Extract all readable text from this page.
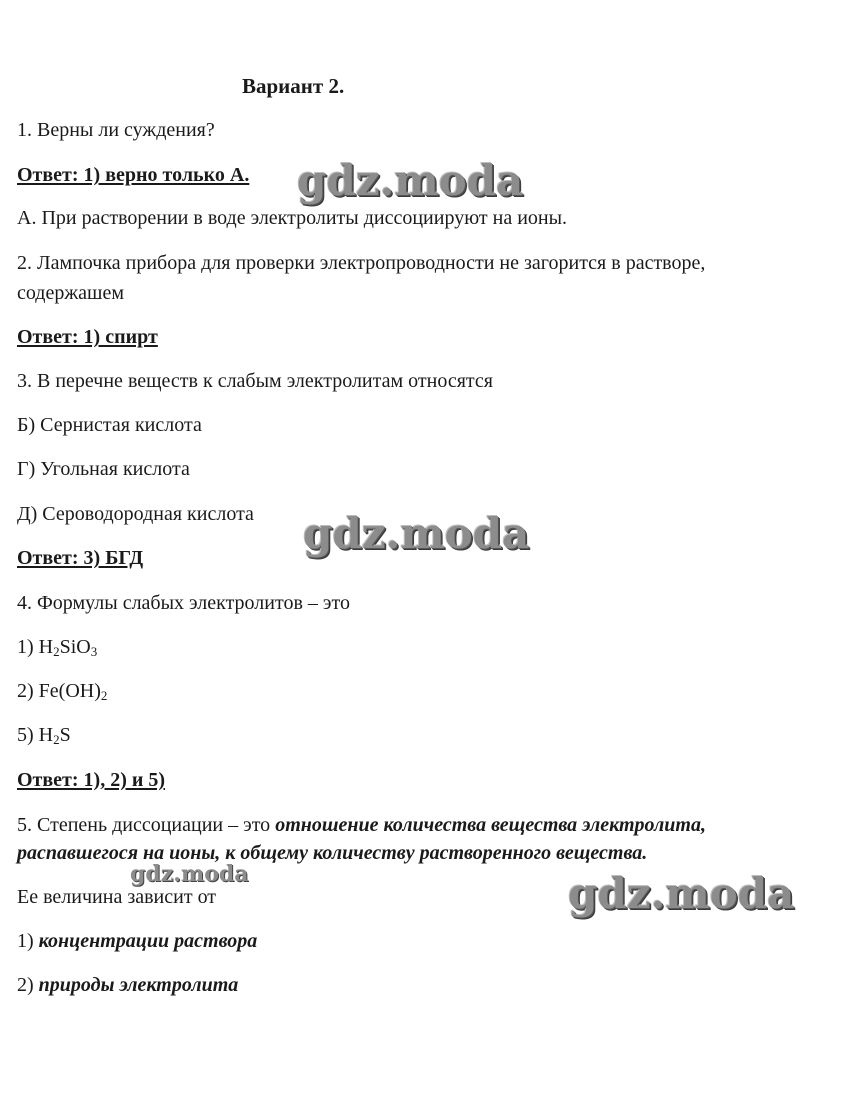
Вариант 2.
1. Верны ли суждения?
Ответ: 1) верно только А.
А. При растворении в воде электролиты диссоциируют на ионы.
2. Лампочка прибора для проверки электропроводности не загорится в растворе,
содержашем
Ответ: 1) спирт
3. В перечне веществ к слабым электролитам относятся
Б) Сернистая кислота
Г) Угольная кислота
Д) Сероводородная кислота
Ответ: 3) БГД
4. Формулы слабых электролитов – это
1) $H_2SiO_3$
2) $Fe(OH)_2$
5) $H_2S$
Ответ: 1), 2) и 5)
5. Степень диссоциации – это отношение количества вещества электролита,
распавшегося на ионы, к общему количеству растворенного вещества.
Ее величина зависит от
1) концентрации раствора
2) природы электролита
gdz.moda
gdz.moda
gdz.moda	gdz.moda
